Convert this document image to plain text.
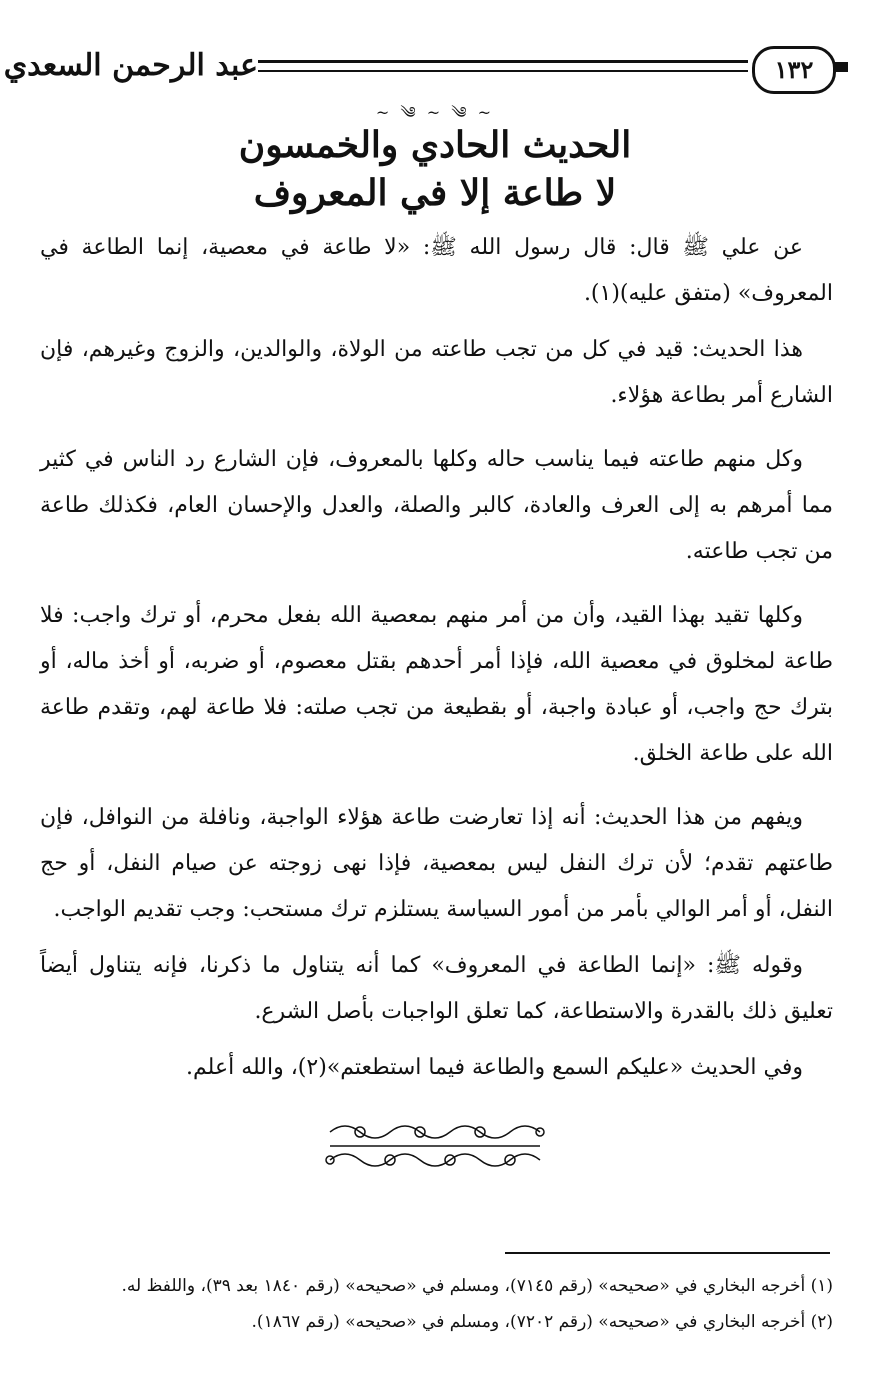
عبد الرحمن السعدي	١٣٢
~ ༄ ~ ༄ ~
الحديث الحادي والخمسون
لا طاعة إلا في المعروف

عن علي ﷺ قال: قال رسول الله ﷺ: «لا طاعة في معصية، إنما الطاعة في المعروف» (متفق عليه)(١).

هذا الحديث: قيد في كل من تجب طاعته من الولاة، والوالدين، والزوج وغيرهم، فإن الشارع أمر بطاعة هؤلاء.

وكل منهم طاعته فيما يناسب حاله وكلها بالمعروف، فإن الشارع رد الناس في كثير مما أمرهم به إلى العرف والعادة، كالبر والصلة، والعدل والإحسان العام، فكذلك طاعة من تجب طاعته.

وكلها تقيد بهذا القيد، وأن من أمر منهم بمعصية الله بفعل محرم، أو ترك واجب: فلا طاعة لمخلوق في معصية الله، فإذا أمر أحدهم بقتل معصوم، أو ضربه، أو أخذ ماله، أو بترك حج واجب، أو عبادة واجبة، أو بقطيعة من تجب صلته: فلا طاعة لهم، وتقدم طاعة الله على طاعة الخلق.

ويفهم من هذا الحديث: أنه إذا تعارضت طاعة هؤلاء الواجبة، ونافلة من النوافل، فإن طاعتهم تقدم؛ لأن ترك النفل ليس بمعصية، فإذا نهى زوجته عن صيام النفل، أو حج النفل، أو أمر الوالي بأمر من أمور السياسة يستلزم ترك مستحب: وجب تقديم الواجب.

وقوله ﷺ: «إنما الطاعة في المعروف» كما أنه يتناول ما ذكرنا، فإنه يتناول أيضاً تعليق ذلك بالقدرة والاستطاعة، كما تعلق الواجبات بأصل الشرع.

وفي الحديث «عليكم السمع والطاعة فيما استطعتم»(٢)، والله أعلم.

(١) أخرجه البخاري في «صحيحه» (رقم ٧١٤٥)، ومسلم في «صحيحه» (رقم ١٨٤٠ بعد ٣٩)، واللفظ له.
(٢) أخرجه البخاري في «صحيحه» (رقم ٧٢٠٢)، ومسلم في «صحيحه» (رقم ١٨٦٧).
